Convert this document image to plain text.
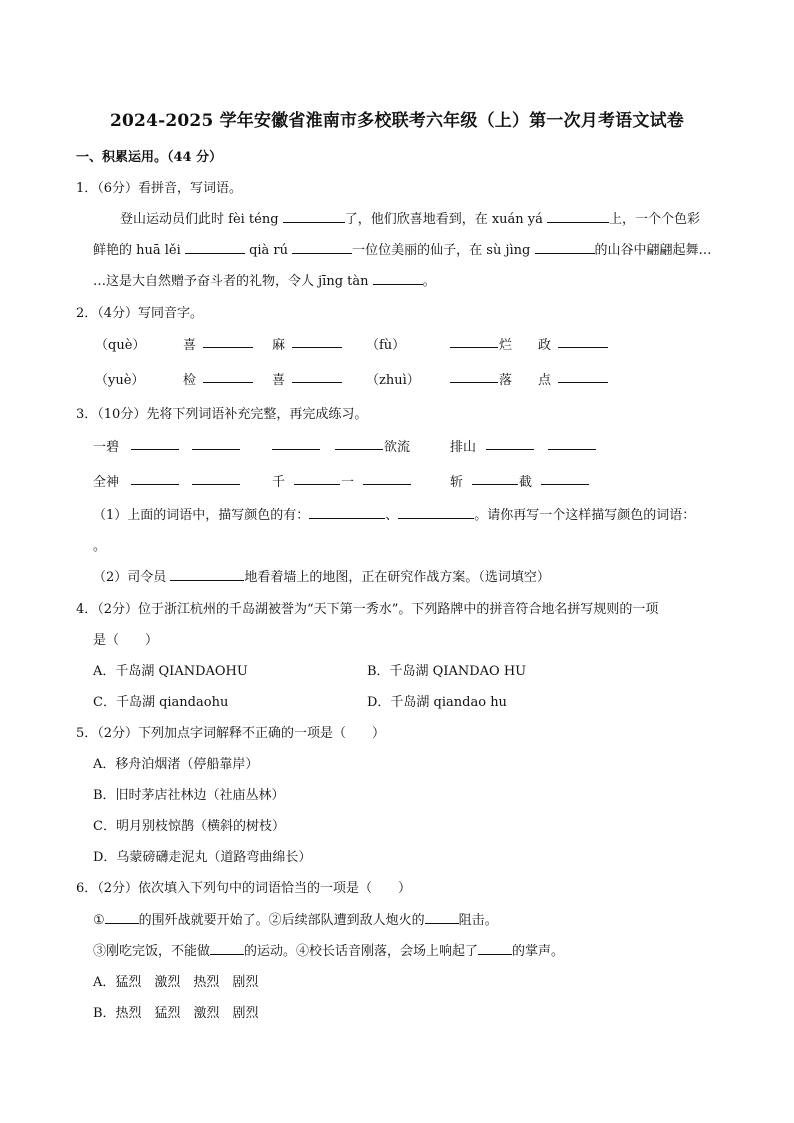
2024-2025 学年安徽省淮南市多校联考六年级（上）第一次月考语文试卷
一、积累运用。（44 分）
1．（6分）看拼音，写词语。
登山运动员们此时 fèi téng	了，他们欣喜地看到，在 xuán yá	上，一个个色彩
鲜艳的 huā lěi	qià rú	一位位美丽的仙子，在 sù jìng	的山谷中翩翩起舞…
…这是大自然赠予奋斗者的礼物，令人 jīng tàn	。
2．（4分）写同音字。
（què）	喜	麻	（fù）	烂 政
（yuè）	检	喜	（zhuì）	落 点
3．（10分）先将下列词语补充完整，再完成练习。
一碧	欲流	排山
全神	千	一	斩	截
（1）上面的词语中，描写颜色的有：	、	。请你再写一个这样描写颜色的词语：
。
（2）司令员	地看着墙上的地图，正在研究作战方案。（选词填空）
4．（2分）位于浙江杭州的千岛湖被誉为“天下第一秀水”。下列路牌中的拼音符合地名拼写规则的一项
是（　　）
A．千岛湖 QIANDAOHU	B．千岛湖 QIANDAO HU
C．千岛湖 qiandaohu	D．千岛湖 qiandao hu
5．（2分）下列加点字词解释不正确的一项是（　　）
A．移舟泊烟渚（停船靠岸）
B．旧时茅店社林边（社庙丛林）
C．明月别枝惊鹊（横斜的树枝）
D．乌蒙磅礴走泥丸（道路弯曲绵长）
6．（2分）依次填入下列句中的词语恰当的一项是（　　）
①	的围歼战就要开始了。②后续部队遭到敌人炮火的	阻击。
③刚吃完饭，不能做	的运动。④校长话音刚落，会场上响起了	的掌声。
A．猛烈　激烈　热烈　剧烈
B．热烈　猛烈　激烈　剧烈
